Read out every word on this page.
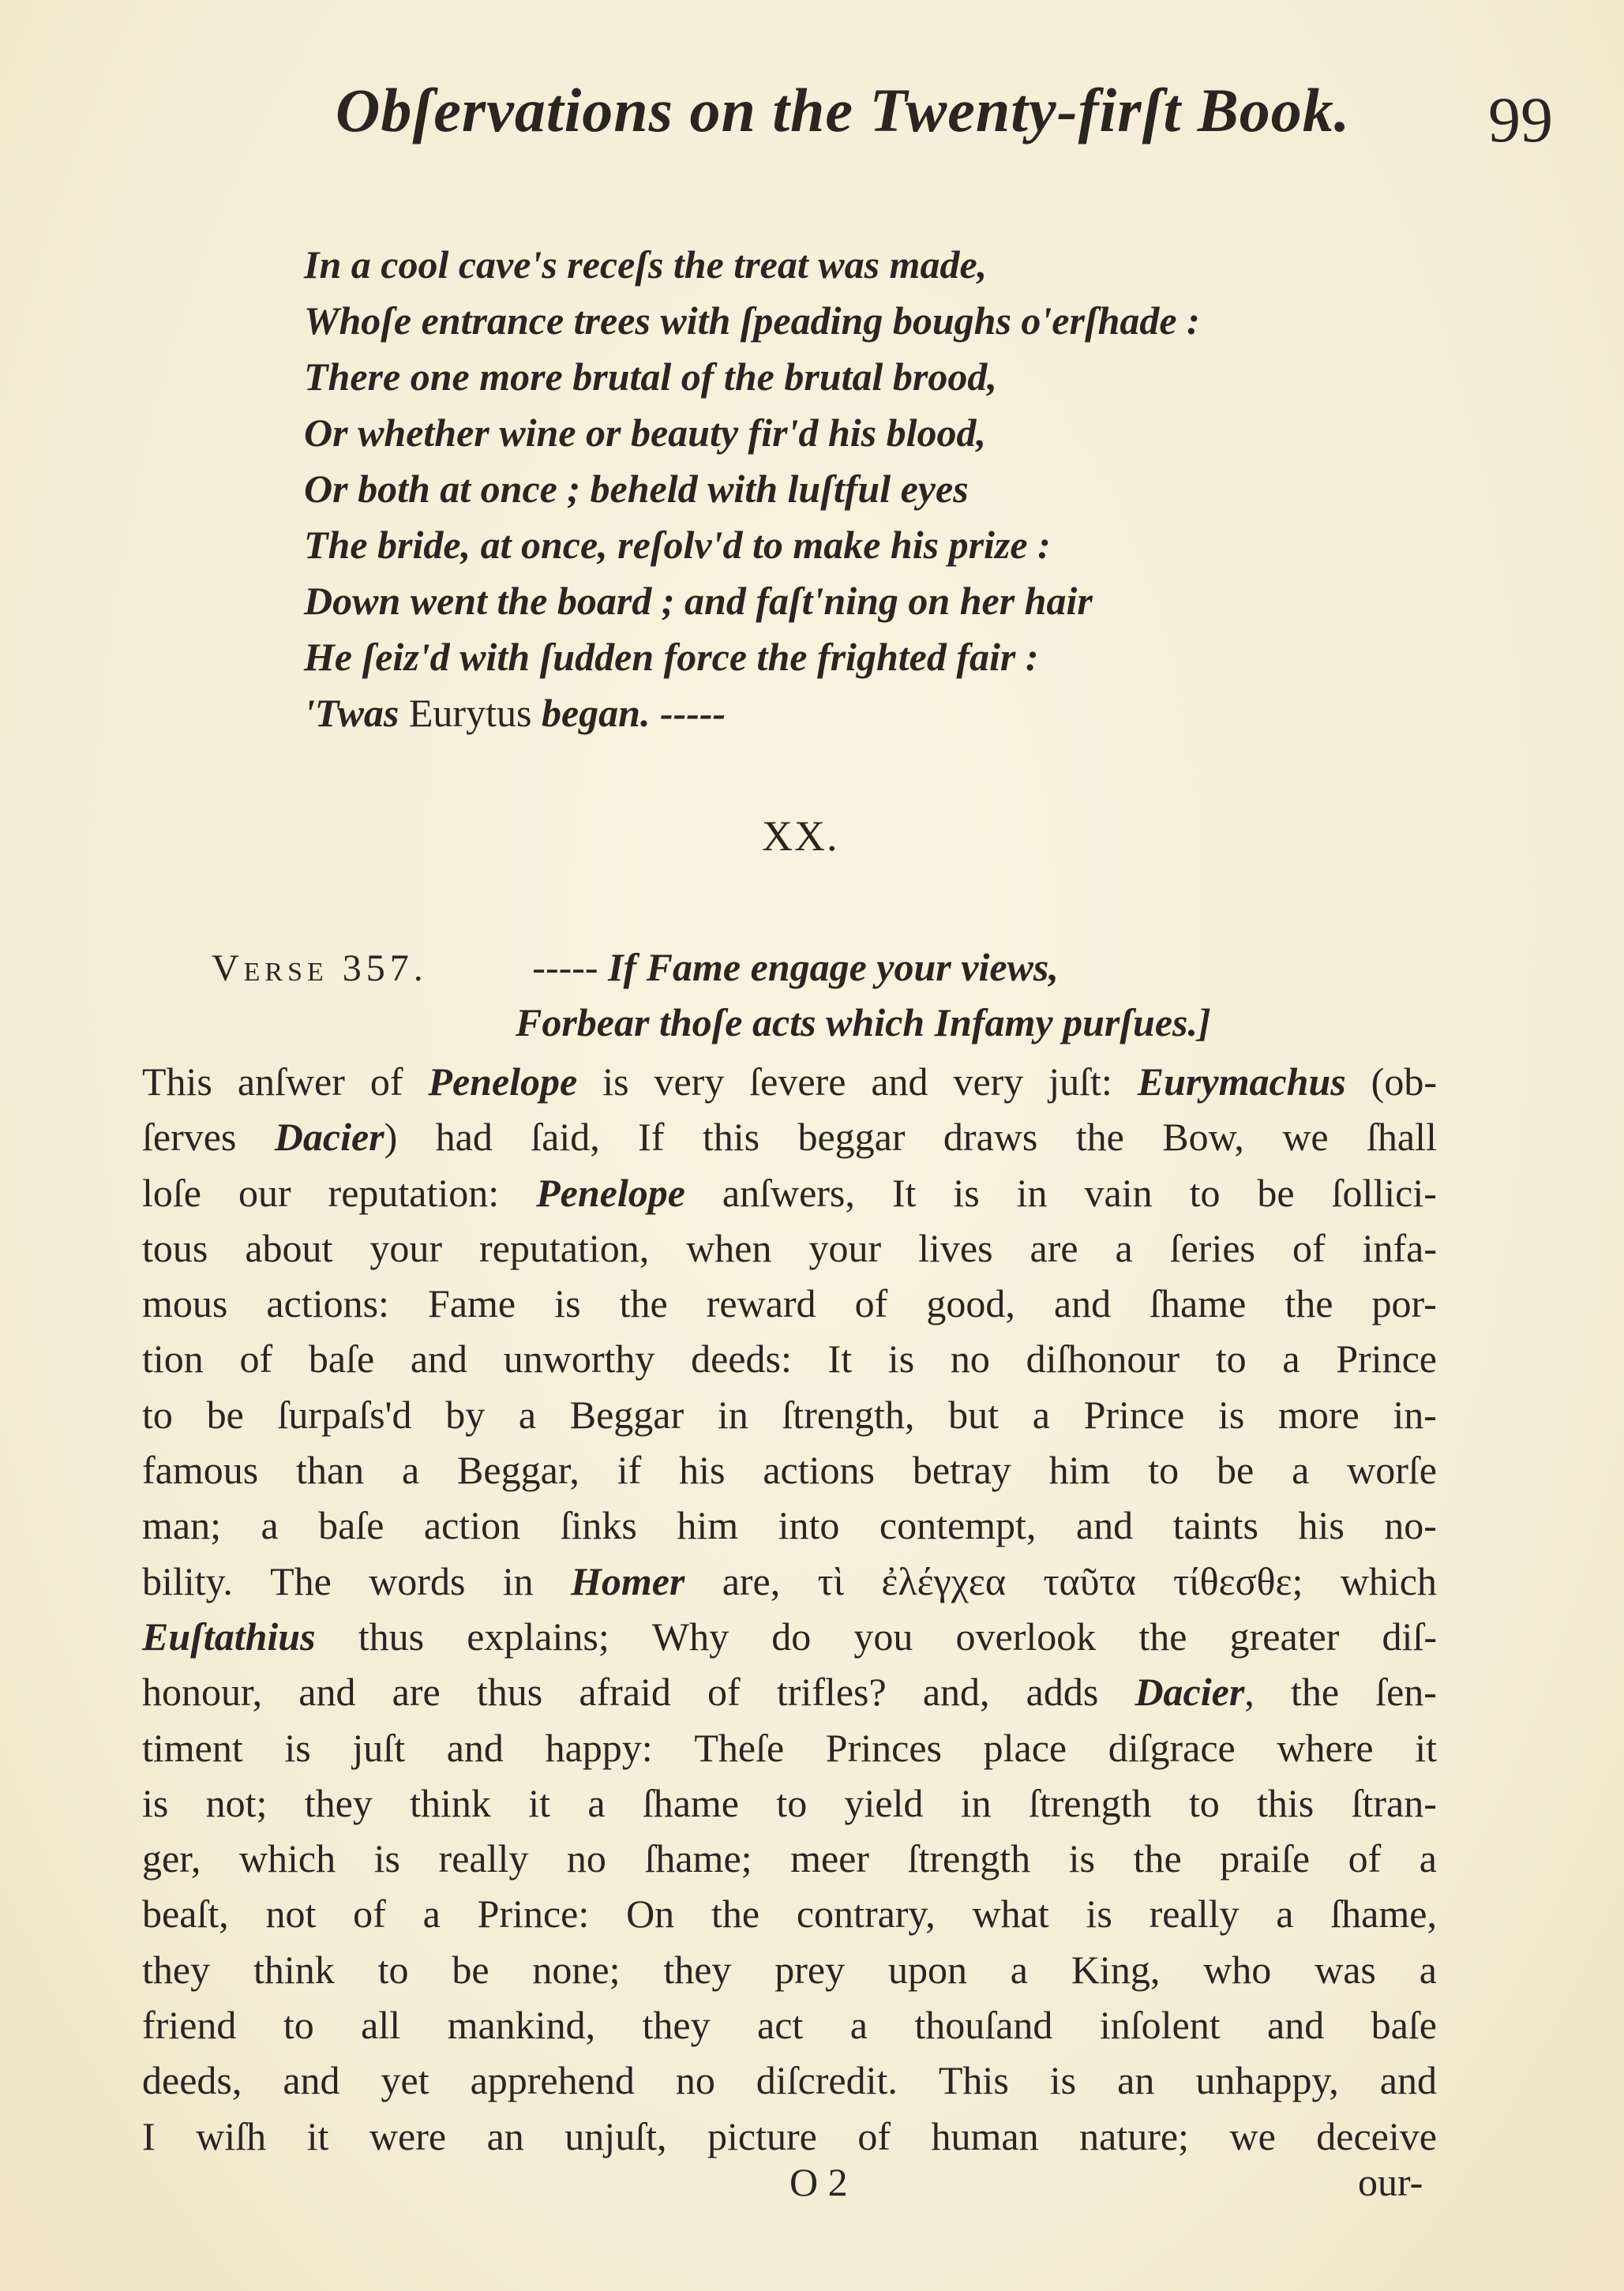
Obſervations on the Twenty-firſt Book. 99
In a cool cave's receſs the treat was made,
Whoſe entrance trees with ſpeading boughs o'erſhade :
There one more brutal of the brutal brood,
Or whether wine or beauty fir'd his blood,
Or both at once ; beheld with luſtful eyes
The bride, at once, reſolv'd to make his prize :
Down went the board ; and faſt'ning on her hair
He ſeiz'd with ſudden force the frighted fair :
'Twas Eurytus began. -----
XX.
Verse 357.	----- If Fame engage your views,
Forbear thoſe acts which Infamy purſues.]
This anſwer of Penelope is very ſevere and very juſt: Eurymachus (ob-
ſerves Dacier) had ſaid, If this beggar draws the Bow, we ſhall
loſe our reputation: Penelope anſwers, It is in vain to be ſollici-
tous about your reputation, when your lives are a ſeries of infa-
mous actions: Fame is the reward of good, and ſhame the por-
tion of baſe and unworthy deeds: It is no diſhonour to a Prince
to be ſurpaſs'd by a Beggar in ſtrength, but a Prince is more in-
famous than a Beggar, if his actions betray him to be a worſe
man; a baſe action ſinks him into contempt, and taints his no-
bility. The words in Homer are, τὶ ἐλέγχεα ταῦτα τίθεσθε; which
Euſtathius thus explains; Why do you overlook the greater diſ-
honour, and are thus afraid of trifles? and, adds Dacier, the ſen-
timent is juſt and happy: Theſe Princes place diſgrace where it
is not; they think it a ſhame to yield in ſtrength to this ſtran-
ger, which is really no ſhame; meer ſtrength is the praiſe of a
beaſt, not of a Prince: On the contrary, what is really a ſhame,
they think to be none; they prey upon a King, who was a
friend to all mankind, they act a thouſand inſolent and baſe
deeds, and yet apprehend no diſcredit. This is an unhappy, and
I wiſh it were an unjuſt, picture of human nature; we deceive
O 2	our-
